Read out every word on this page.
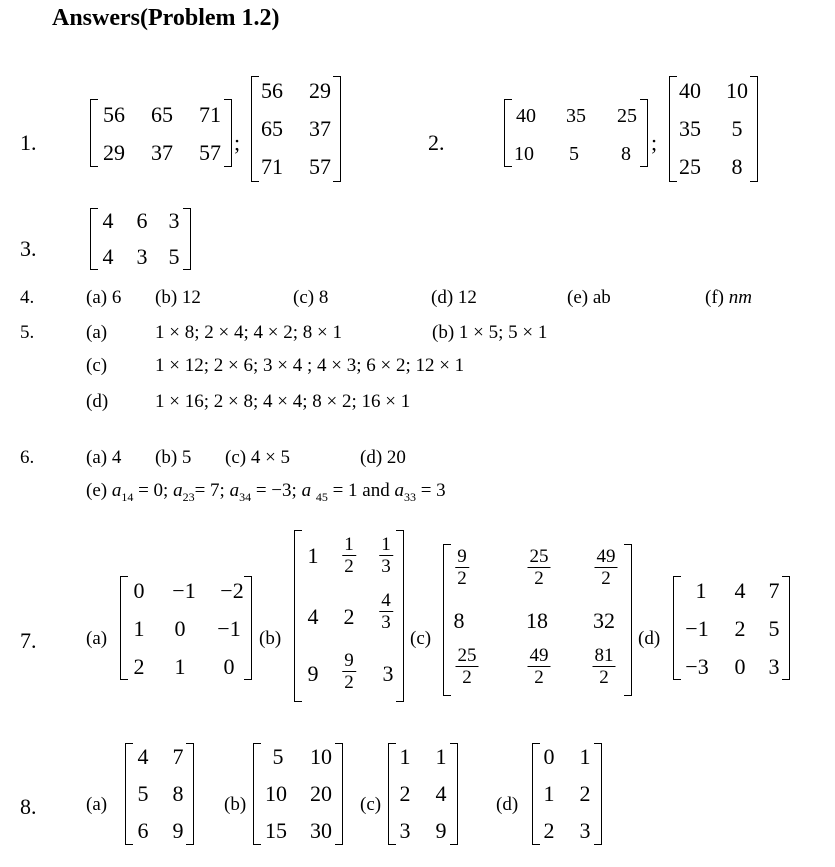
Answers(Problem 1.2)
1.
56 65 71
29 37 57 ;
56 29
65 37
71 57
2.
40 35 25
10 5 8 ;
40 10
35 5
25 8
3.
4 6 3
4 3 5
4.	(a) 6 (b) 12	(c) 8	(d) 12	(e) ab	(f) nm
5.	(a)	1 × 8; 2 × 4; 4 × 2; 8 × 1	(b) 1 × 5; 5 × 1
(c)	1 × 12; 2 × 6; 3 × 4 ; 4 × 3; 6 × 2; 12 × 1
(d) 1 × 16; 2 × 8; 4 × 4; 8 × 2; 16 × 1
6.	(a) 4 (b) 5 (c) 4 × 5	(d) 20
(e) $a_{14} = 0$; $a_{23}= 7$; $a_{34} = -3$; a $_{45}$ = 1 and $a_{33} = 3$
7.	(a)
0 −1 −2
1 0 −1
2 1 0
(b)
$1 \frac{1}{2} \frac{1}{3}$
4 $2 \frac{4}{3}$
$9 \frac{9}{2} 3$
(c)
$\frac{9}{2}$	$\frac{25}{2} \frac{49}{2}$
8	18 32
$\frac{25}{2}$	$\frac{49}{2} \frac{81}{2}$
(d)
1 4 7
−1 2 5
−3 0 3
8.	(a)
4 7
5 8
6 9
(b)
5 10
10 20
15 30
(c)
1 1
2 4
3 9
(d)
0 1
1 2
2 3
